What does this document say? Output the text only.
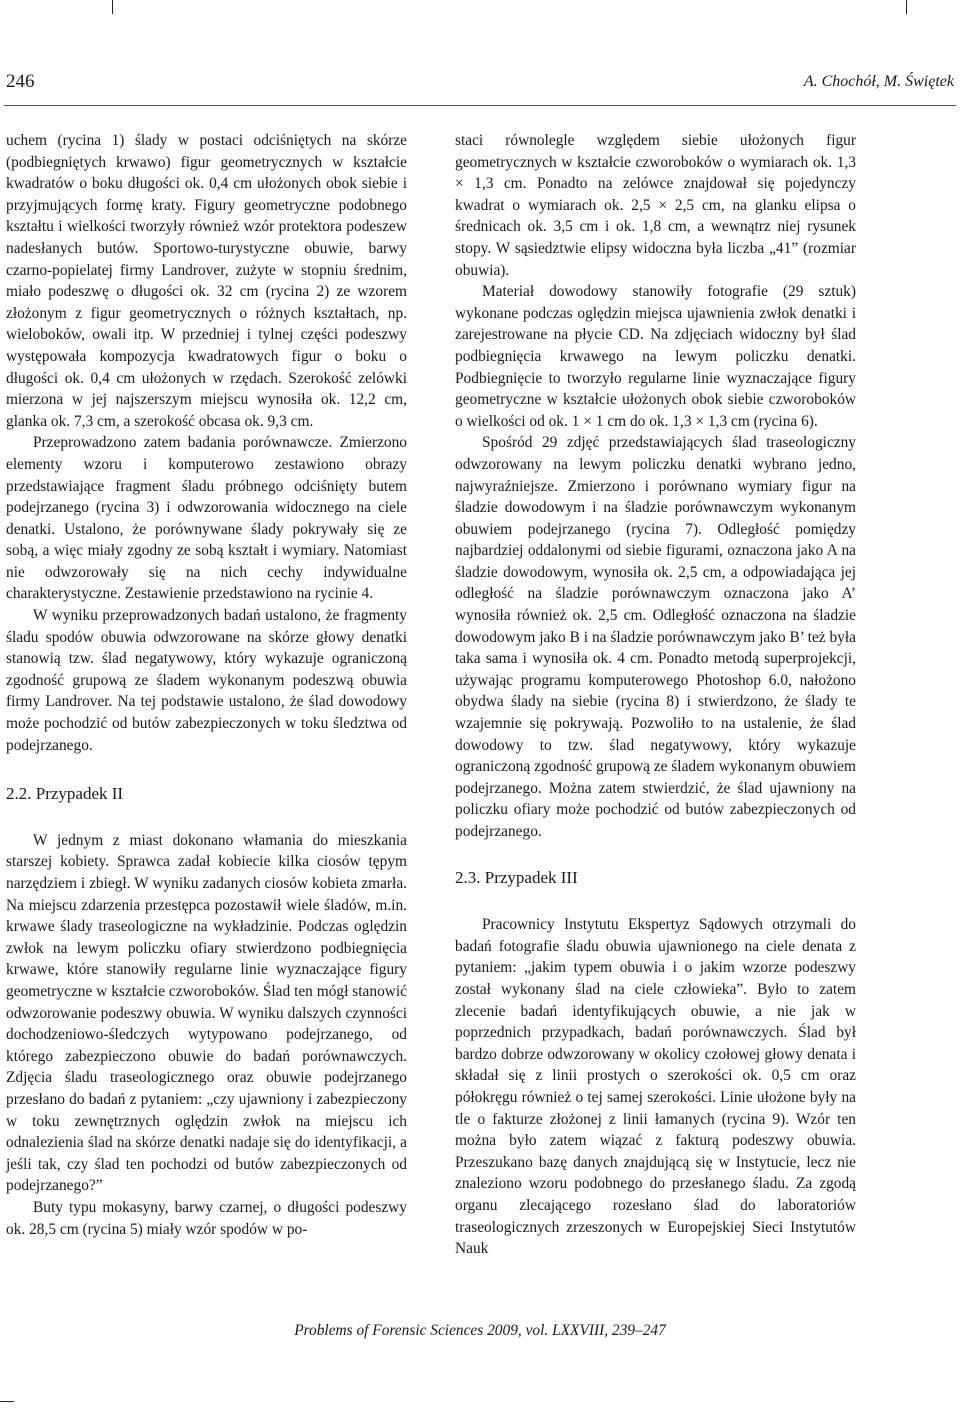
246	A. Chochół, M. Świętek

uchem (rycina 1) ślady w postaci odciśniętych na skórze (podbiegniętych krwawo) figur geometrycznych w kształcie kwadratów o boku długości ok. 0,4 cm ułożonych obok siebie i przyjmujących formę kraty. Figury geometryczne podobnego kształtu i wielkości tworzyły również wzór protektora podeszew nadesłanych butów. Sportowo-turystyczne obuwie, barwy czarno-popielatej firmy Landrover, zużyte w stopniu średnim, miało podeszwę o długości ok. 32 cm (rycina 2) ze wzorem złożonym z figur geometrycznych o różnych kształtach, np. wieloboków, owali itp. W przedniej i tylnej części podeszwy występowała kompozycja kwadratowych figur o boku o długości ok. 0,4 cm ułożonych w rzędach. Szerokość zelówki mierzona w jej najszerszym miejscu wynosiła ok. 12,2 cm, glanka ok. 7,3 cm, a szerokość obcasa ok. 9,3 cm.

Przeprowadzono zatem badania porównawcze. Zmierzono elementy wzoru i komputerowo zestawiono obrazy przedstawiające fragment śladu próbnego odciśnięty butem podejrzanego (rycina 3) i odwzorowania widocznego na ciele denatki. Ustalono, że porównywane ślady pokrywały się ze sobą, a więc miały zgodny ze sobą kształt i wymiary. Natomiast nie odwzorowały się na nich cechy indywidualne charakterystyczne. Zestawienie przedstawiono na rycinie 4.

W wyniku przeprowadzonych badań ustalono, że fragmenty śladu spodów obuwia odwzorowane na skórze głowy denatki stanowią tzw. ślad negatywowy, który wykazuje ograniczoną zgodność grupową ze śladem wykonanym podeszwą obuwia firmy Landrover. Na tej podstawie ustalono, że ślad dowodowy może pochodzić od butów zabezpieczonych w toku śledztwa od podejrzanego.

2.2. Przypadek II

W jednym z miast dokonano włamania do mieszkania starszej kobiety. Sprawca zadał kobiecie kilka ciosów tępym narzędziem i zbiegł. W wyniku zadanych ciosów kobieta zmarła. Na miejscu zdarzenia przestępca pozostawił wiele śladów, m.in. krwawe ślady traseologiczne na wykładzinie. Podczas oględzin zwłok na lewym policzku ofiary stwierdzono podbiegnięcia krwawe, które stanowiły regularne linie wyznaczające figury geometryczne w kształcie czworoboków. Ślad ten mógł stanowić odwzorowanie podeszwy obuwia. W wyniku dalszych czynności dochodzeniowo-śledczych wytypowano podejrzanego, od którego zabezpieczono obuwie do badań porównawczych. Zdjęcia śladu traseologicznego oraz obuwie podejrzanego przesłano do badań z pytaniem: „czy ujawniony i zabezpieczony w toku zewnętrznych oględzin zwłok na miejscu ich odnalezienia ślad na skórze denatki nadaje się do identyfikacji, a jeśli tak, czy ślad ten pochodzi od butów zabezpieczonych od podejrzanego?”

Buty typu mokasyny, barwy czarnej, o długości podeszwy ok. 28,5 cm (rycina 5) miały wzór spodów w po-

staci równolegle względem siebie ułożonych figur geometrycznych w kształcie czworoboków o wymiarach ok. 1,3 × 1,3 cm. Ponadto na zelówce znajdował się pojedynczy kwadrat o wymiarach ok. 2,5 × 2,5 cm, na glanku elipsa o średnicach ok. 3,5 cm i ok. 1,8 cm, a wewnątrz niej rysunek stopy. W sąsiedztwie elipsy widoczna była liczba „41” (rozmiar obuwia).

Materiał dowodowy stanowiły fotografie (29 sztuk) wykonane podczas oględzin miejsca ujawnienia zwłok denatki i zarejestrowane na płycie CD. Na zdjęciach widoczny był ślad podbiegnięcia krwawego na lewym policzku denatki. Podbiegnięcie to tworzyło regularne linie wyznaczające figury geometryczne w kształcie ułożonych obok siebie czworoboków o wielkości od ok. 1 × 1 cm do ok. 1,3 × 1,3 cm (rycina 6).

Spośród 29 zdjęć przedstawiających ślad traseologiczny odwzorowany na lewym policzku denatki wybrano jedno, najwyraźniejsze. Zmierzono i porównano wymiary figur na śladzie dowodowym i na śladzie porównawczym wykonanym obuwiem podejrzanego (rycina 7). Odległość pomiędzy najbardziej oddalonymi od siebie figurami, oznaczona jako A na śladzie dowodowym, wynosiła ok. 2,5 cm, a odpowiadająca jej odległość na śladzie porównawczym oznaczona jako A’ wynosiła również ok. 2,5 cm. Odległość oznaczona na śladzie dowodowym jako B i na śladzie porównawczym jako B’ też była taka sama i wynosiła ok. 4 cm. Ponadto metodą superprojekcji, używając programu komputerowego Photoshop 6.0, nałożono obydwa ślady na siebie (rycina 8) i stwierdzono, że ślady te wzajemnie się pokrywają. Pozwoliło to na ustalenie, że ślad dowodowy to tzw. ślad negatywowy, który wykazuje ograniczoną zgodność grupową ze śladem wykonanym obuwiem podejrzanego. Można zatem stwierdzić, że ślad ujawniony na policzku ofiary może pochodzić od butów zabezpieczonych od podejrzanego.

2.3. Przypadek III

Pracownicy Instytutu Ekspertyz Sądowych otrzymali do badań fotografie śladu obuwia ujawnionego na ciele denata z pytaniem: „jakim typem obuwia i o jakim wzorze podeszwy został wykonany ślad na ciele człowieka”. Było to zatem zlecenie badań identyfikujących obuwie, a nie jak w poprzednich przypadkach, badań porównawczych. Ślad był bardzo dobrze odwzorowany w okolicy czołowej głowy denata i składał się z linii prostych o szerokości ok. 0,5 cm oraz półokręgu również o tej samej szerokości. Linie ułożone były na tle o fakturze złożonej z linii łamanych (rycina 9). Wzór ten można było zatem wiązać z fakturą podeszwy obuwia. Przeszukano bazę danych znajdującą się w Instytucie, lecz nie znaleziono wzoru podobnego do przesłanego śladu. Za zgodą organu zlecającego rozesłano ślad do laboratoriów traseologicznych zrzeszonych w Europejskiej Sieci Instytutów Nauk

Problems of Forensic Sciences 2009, vol. LXXVIII, 239–247
